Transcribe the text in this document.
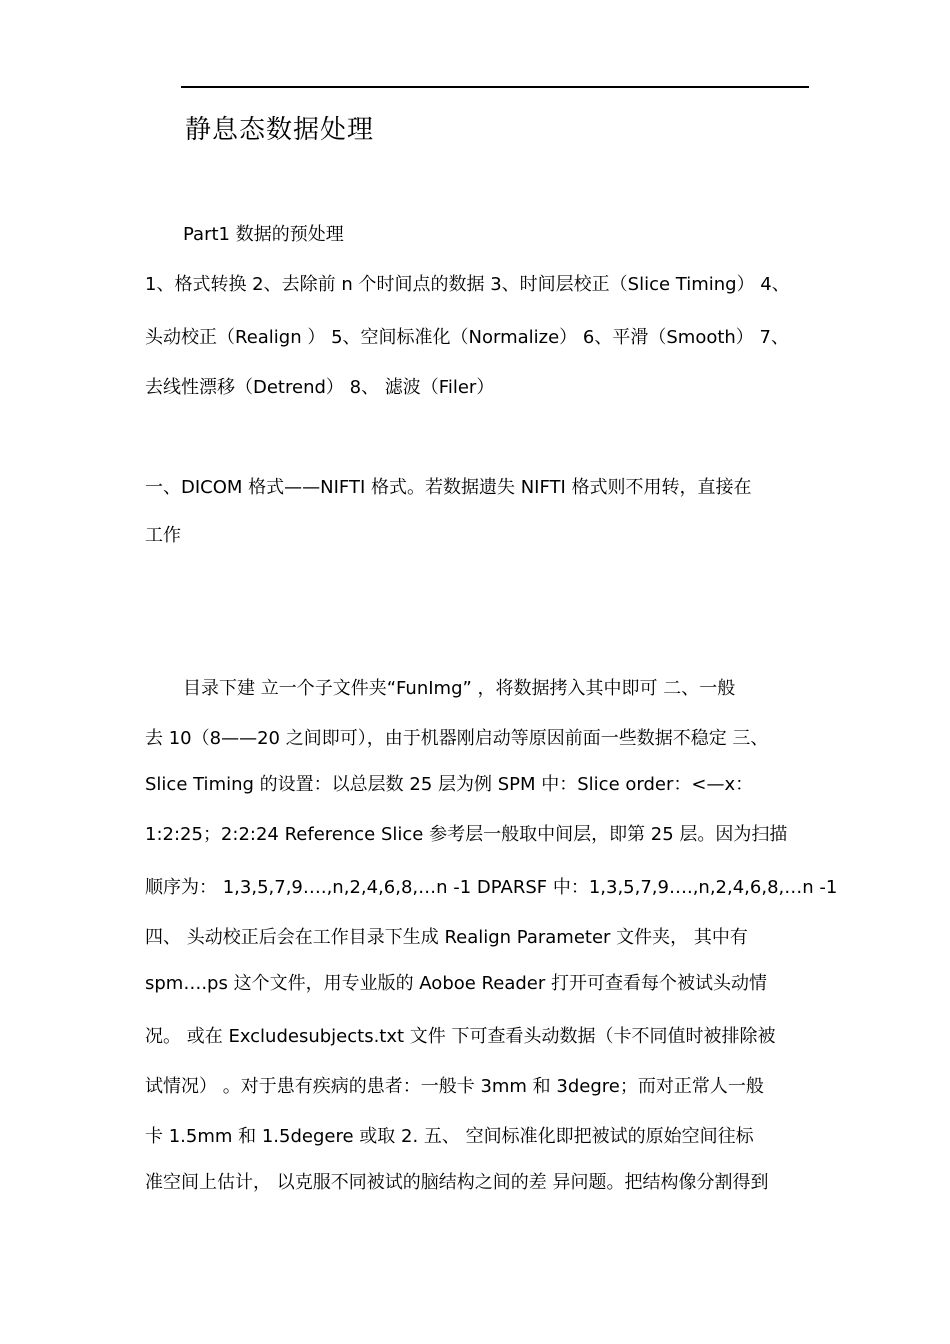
静息态数据处理
Part1 数据的预处理
1、格式转换 2、去除前 n 个时间点的数据 3、时间层校正（Slice Timing） 4、
头动校正（Realign ） 5、空间标准化（Normalize） 6、平滑（Smooth） 7、
去线性漂移（Detrend） 8、 滤波（Filer）
一、DICOM 格式——NIFTI 格式。若数据遗失 NIFTI 格式则不用转，直接在
工作
目录下建 立一个子文件夹“FunImg” ，将数据拷入其中即可 二、一般
去 10（8——20 之间即可），由于机器刚启动等原因前面一些数据不稳定 三、
Slice Timing 的设置：以总层数 25 层为例 SPM 中：Slice order：<—x：
1:2:25；2:2:24 Reference Slice 参考层一般取中间层，即第 25 层。因为扫描
顺序为： 1,3,5,7,9….,n,2,4,6,8,…n -1 DPARSF 中：1,3,5,7,9….,n,2,4,6,8,…n -1
四、 头动校正后会在工作目录下生成 Realign Parameter 文件夹， 其中有
spm….ps 这个文件，用专业版的 Aoboe Reader 打开可查看每个被试头动情
况。 或在 Excludesubjects.txt 文件 下可查看头动数据（卡不同值时被排除被
试情况） 。对于患有疾病的患者：一般卡 3mm 和 3degre；而对正常人一般
卡 1.5mm 和 1.5degere 或取 2. 五、 空间标准化即把被试的原始空间往标
准空间上估计， 以克服不同被试的脑结构之间的差 异问题。把结构像分割得到
